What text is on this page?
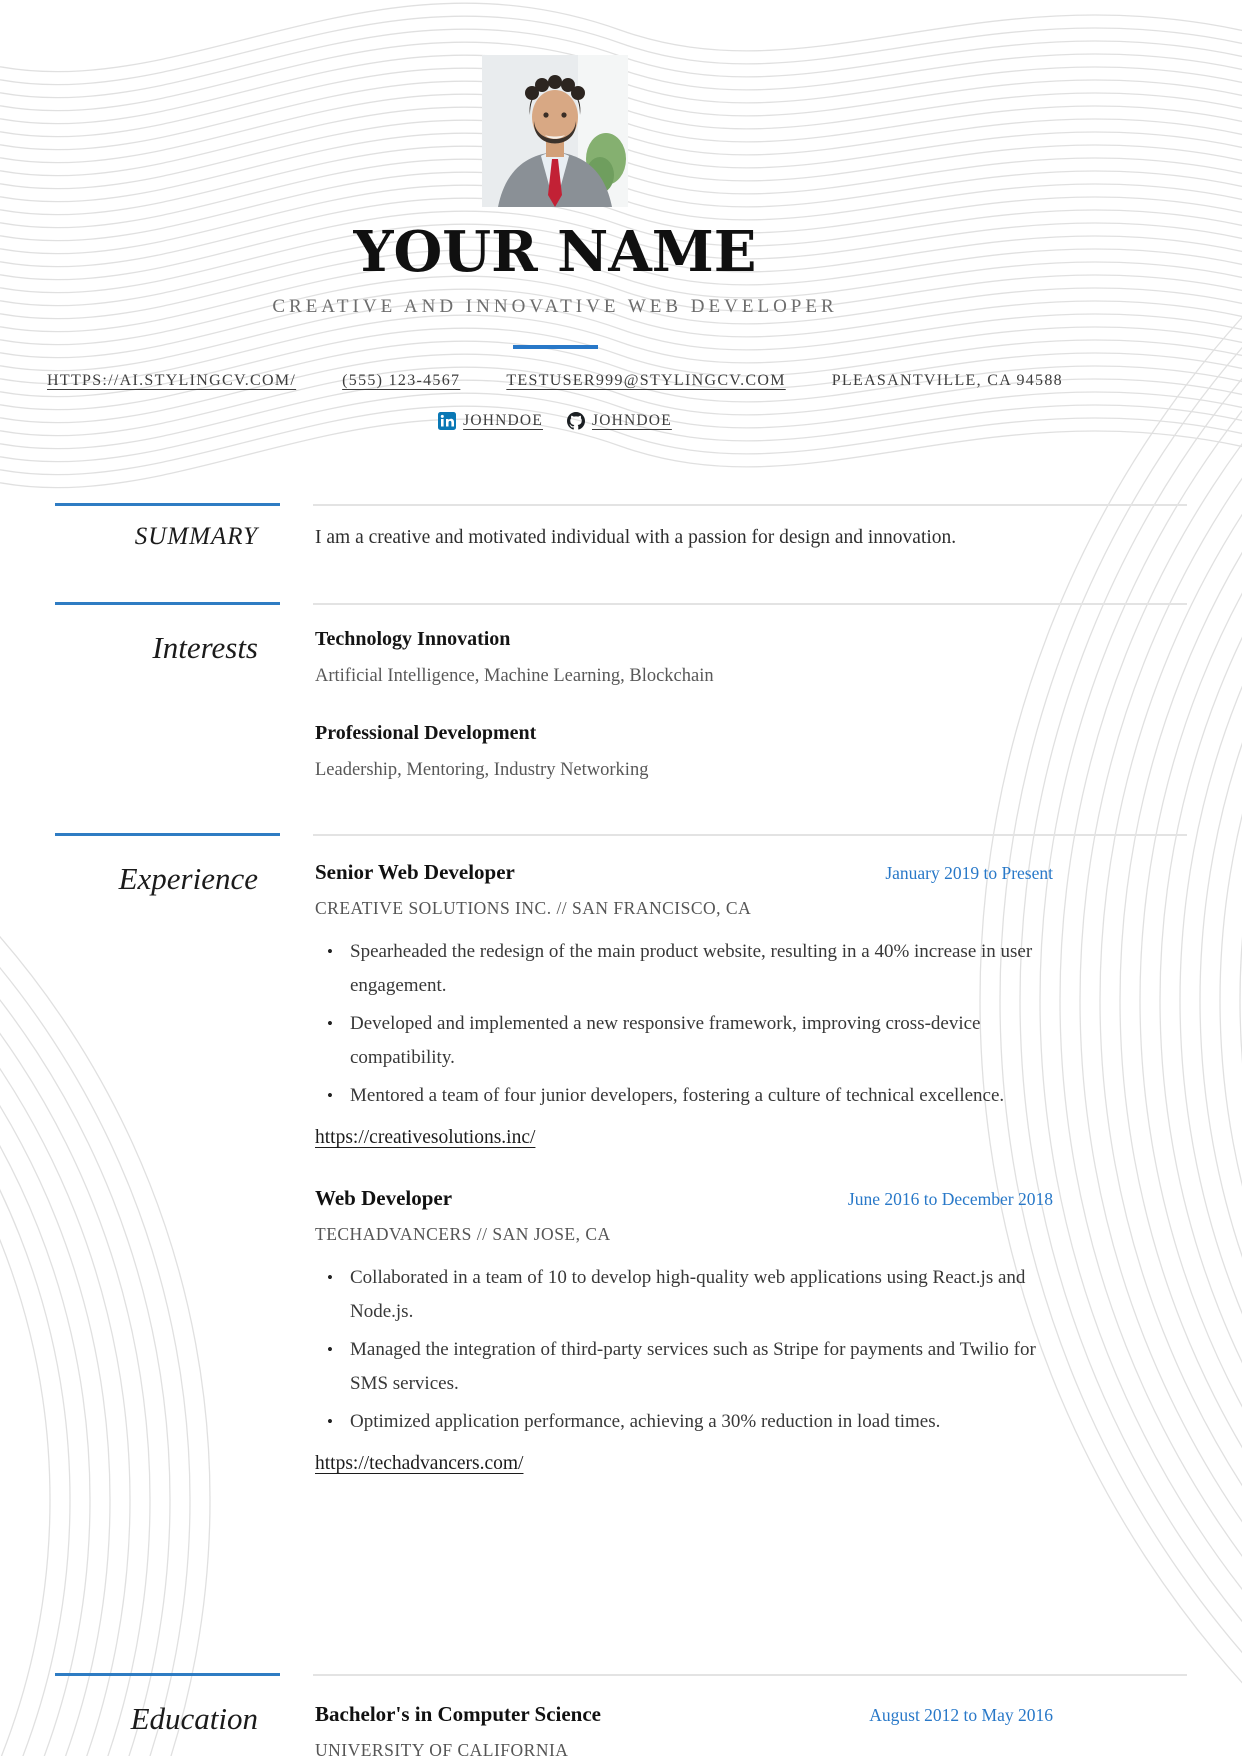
YOUR NAME
CREATIVE AND INNOVATIVE WEB DEVELOPER
HTTPS://AI.STYLINGCV.COM/	(555) 123-4567	TESTUSER999@STYLINGCV.COM	PLEASANTVILLE, CA 94588
JOHNDOE	JOHNDOE
SUMMARY	I am a creative and motivated individual with a passion for design and innovation.
Interests	Technology Innovation
Artificial Intelligence, Machine Learning, Blockchain
Professional Development
Leadership, Mentoring, Industry Networking
Experience	Senior Web Developer	January 2019 to Present
CREATIVE SOLUTIONS INC. // SAN FRANCISCO, CA
• Spearheaded the redesign of the main product website, resulting in a 40% increase in user engagement.
• Developed and implemented a new responsive framework, improving cross-device compatibility.
• Mentored a team of four junior developers, fostering a culture of technical excellence.
https://creativesolutions.inc/
Web Developer	June 2016 to December 2018
TECHADVANCERS // SAN JOSE, CA
• Collaborated in a team of 10 to develop high-quality web applications using React.js and Node.js.
• Managed the integration of third-party services such as Stripe for payments and Twilio for SMS services.
• Optimized application performance, achieving a 30% reduction in load times.
https://techadvancers.com/
Education	Bachelor's in Computer Science	August 2012 to May 2016
UNIVERSITY OF CALIFORNIA
